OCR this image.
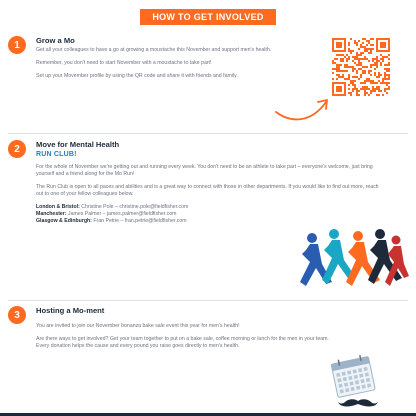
HOW TO GET INVOLVED
1	Grow a Mo

Get all your colleagues to have a go at growing a moustache this November and support men's health.

Remember, you don't need to start November with a moustache to take part!

Set up your Movember profile by using the QR code and share it with friends and family.

2	Move for Mental Health
RUN CLUB!

For the whole of November we're getting out and running every week. You don't need to be an athlete to take part – everyone's welcome, just bring yourself and a friend along for the Mo Run!

The Run Club is open to all paces and abilities and is a great way to connect with those in other departments. If you would like to find out more, reach out to one of your fellow colleagues below.

London & Bristol: Christine Pole – christine.pole@fieldfisher.com
Manchester: James Palmer – james.palmer@fieldfisher.com
Glasgow & Edinburgh: Fran Petrie – fran.petrie@fieldfisher.com
3	Hosting a Mo-ment

You are invited to join our November bonanza bake sale event this year for men's health!

Are there ways to get involved? Get your team together to put on a bake sale, coffee morning or lunch for the men in your team. Every donation helps the cause and every pound you raise goes directly to men's health.
